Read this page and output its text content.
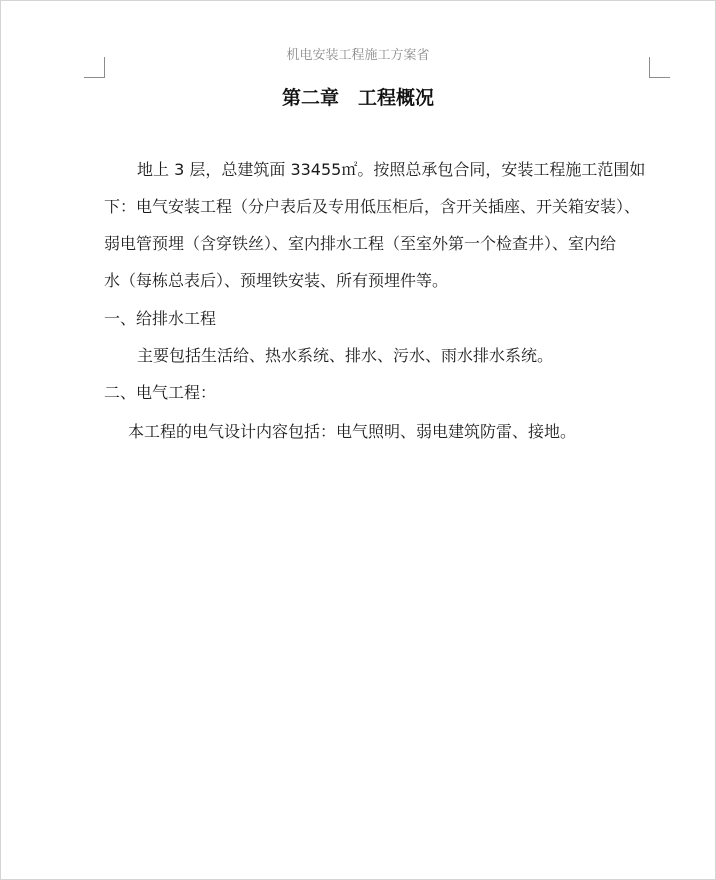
机电安装工程施工方案省
第二章　工程概况
地上 3 层，总建筑面 33455㎡。按照总承包合同，安装工程施工范围如
下：电气安装工程（分户表后及专用低压柜后，含开关插座、开关箱安装）、
弱电管预埋（含穿铁丝）、室内排水工程（至室外第一个检查井）、室内给
水（每栋总表后）、预埋铁安装、所有预埋件等。
一、给排水工程
主要包括生活给、热水系统、排水、污水、雨水排水系统。
二、电气工程：
本工程的电气设计内容包括：电气照明、弱电建筑防雷、接地。
